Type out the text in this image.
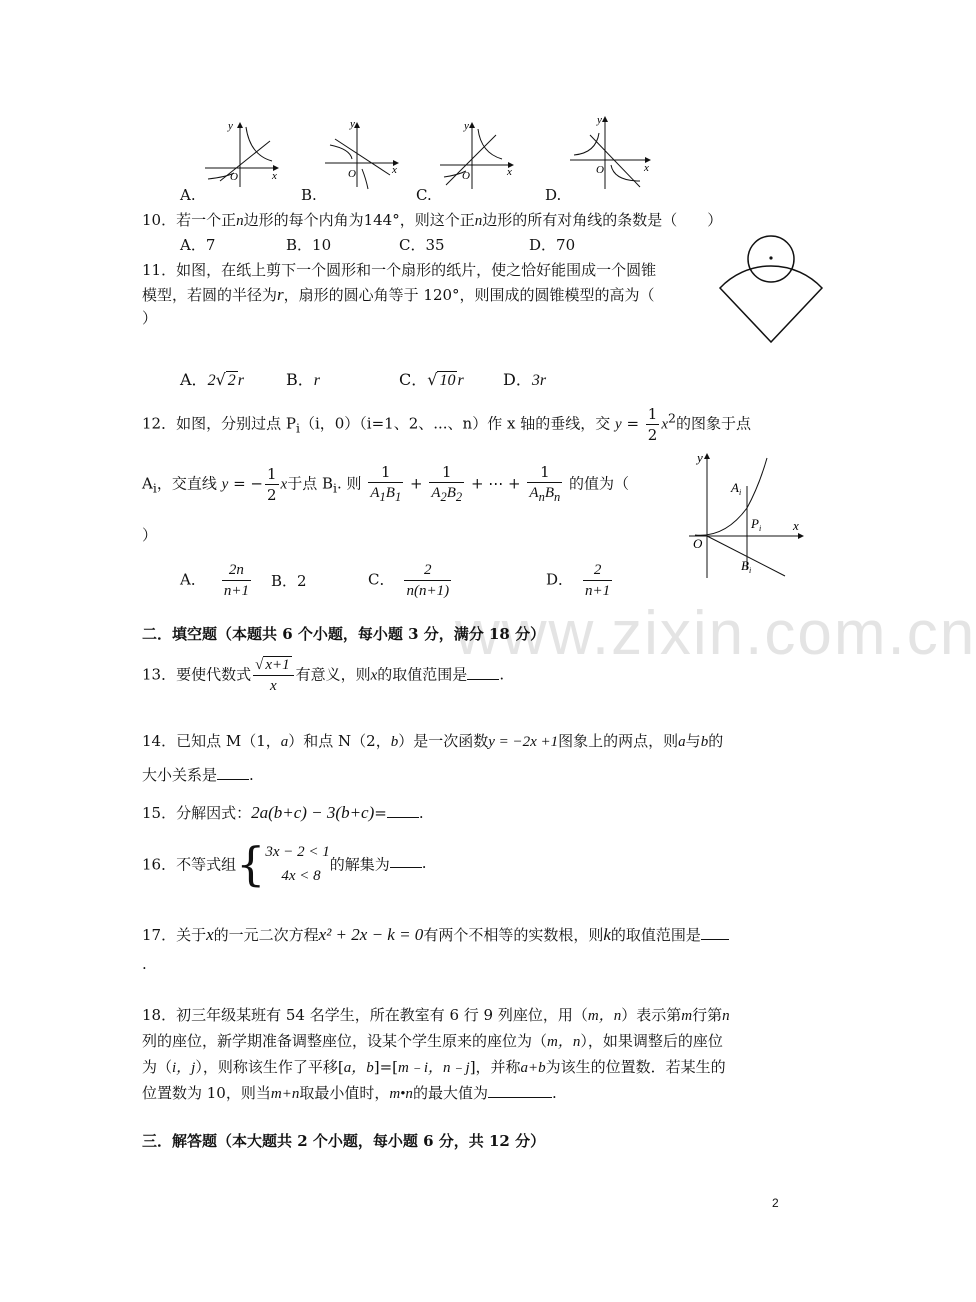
www.zixin.com.cn
y
x
O
y
x
O
y
x
O
y
x
O
A.	B.	C.	D.
10．若一个正n边形的每个内角为144°，则这个正n边形的所有对角线的条数是（　　）
A．7	B．10	C．35	D．70
11．如图，在纸上剪下一个圆形和一个扇形的纸片，使之恰好能围成一个圆锥
模型，若圆的半径为r，扇形的圆心角等于 120°，则围成的圆锥模型的高为（
）
A．2√ 2 r	B．r	C．√ 10 r D．3r
12．如图，分别过点 $P_i(i$，0）（i=1、2、...、n）作 x 轴的垂线，交 $y = \frac{1}{2} x^2$的图象于点
$A_i$，交直线 y = − $\frac{1}{2}$ x于点 $B_i$. 则 $\frac{1}{A_1B_1} + \frac{1}{A_2B_2}$ + ⋯ + $\frac{1}{A_nB_n}$ 的值为（
）
y
x
O
$A_i$
$P_i$
$B_i$
A． $\frac{2n}{n+1}$ B．2	C． $\frac{2}{n(n+1)}$	D． $\frac{2}{n+1}$
二．填空题（本题共 6 个小题，每小题 3 分，满分 18 分）
13．要使代数式 $\frac{√ x+1}{x}$ 有意义，则x的取值范围是 .
14．已知点 M（1，a）和点 N（2，b）是一次函数y = −2x +1图象上的两点，则a与b的
大小关系是 .
15．分解因式：2a(b+c) − 3(b+c)= .
16．不等式组{ 3x − 2 < 1
4x < 8
的解集为 .
17．关于x的一元二次方程x² + 2x − k = 0有两个不相等的实数根，则k的取值范围是
.
18．初三年级某班有 54 名学生，所在教室有 6 行 9 列座位，用（m，n）表示第m行第n
列的座位，新学期准备调整座位，设某个学生原来的座位为（m，n），如果调整后的座位
为（i，j），则称该生作了平移[a，b]=[m﹣i，n﹣j]，并称a+b为该生的位置数．若某生的
位置数为 10，则当m+n取最小值时，m•n的最大值为	.
三．解答题（本大题共 2 个小题，每小题 6 分，共 12 分）
2
